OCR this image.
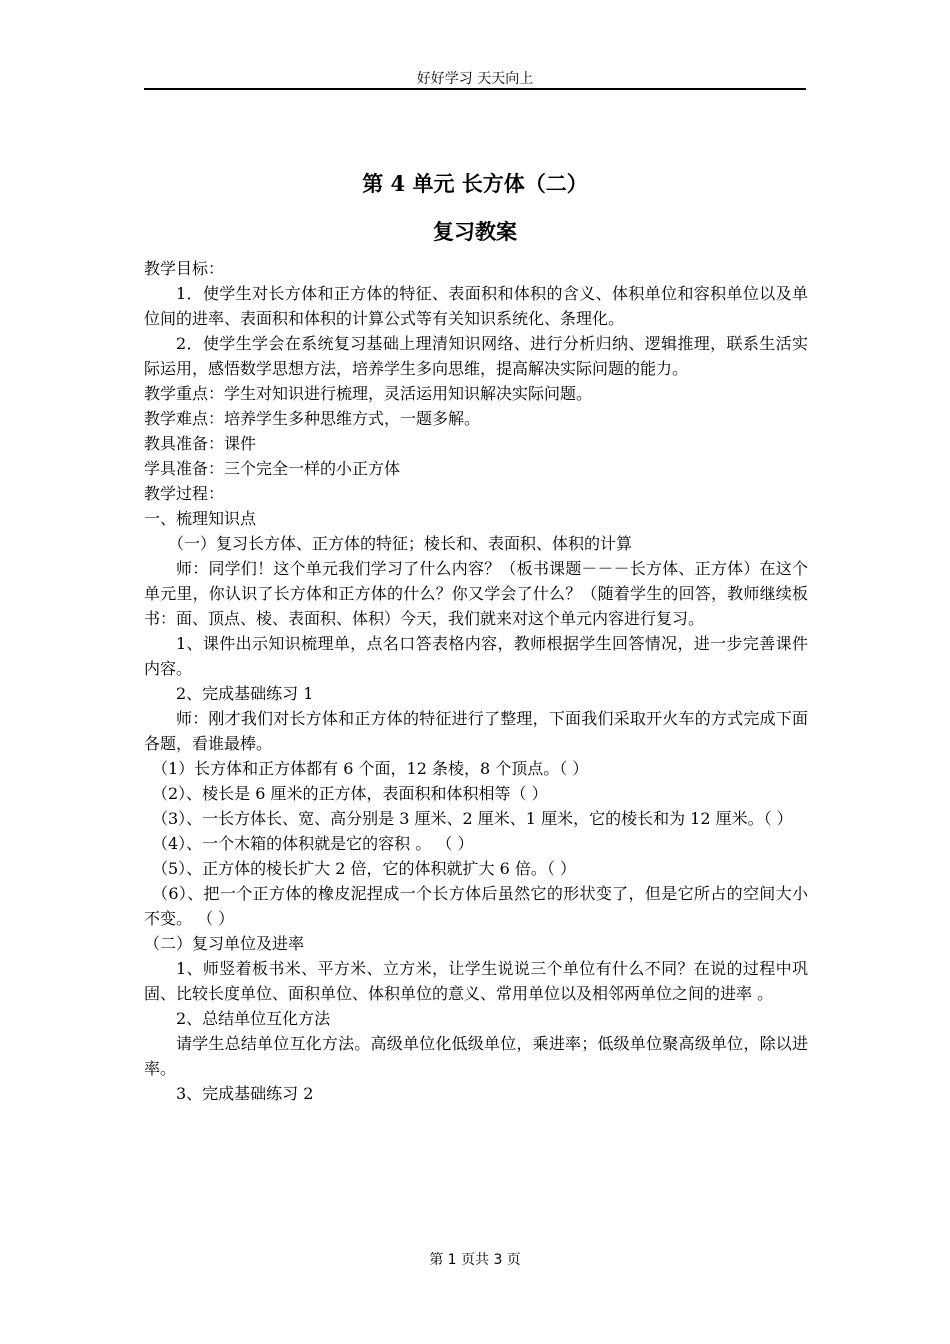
好好学习 天天向上
第 4 单元 长方体（二）
复习教案

教学目标：

1．使学生对长方体和正方体的特征、表面积和体积的含义、体积单位和容积单位以及单位间的进率、表面积和体积的计算公式等有关知识系统化、条理化。

2．使学生学会在系统复习基础上理清知识网络、进行分析归纳、逻辑推理，联系生活实际运用，感悟数学思想方法，培养学生多向思维，提高解决实际问题的能力。

教学重点：学生对知识进行梳理，灵活运用知识解决实际问题。

教学难点：培养学生多种思维方式，一题多解。

教具准备：课件

学具准备：三个完全一样的小正方体

教学过程：

一、梳理知识点

（一）复习长方体、正方体的特征；棱长和、表面积、体积的计算

师：同学们！这个单元我们学习了什么内容？（板书课题－－－长方体、正方体）在这个单元里，你认识了长方体和正方体的什么？你又学会了什么？（随着学生的回答，教师继续板书：面、顶点、棱、表面积、体积）今天，我们就来对这个单元内容进行复习。

1、课件出示知识梳理单，点名口答表格内容，教师根据学生回答情况，进一步完善课件内容。

2、完成基础练习 1

师：刚才我们对长方体和正方体的特征进行了整理，下面我们采取开火车的方式完成下面各题，看谁最棒。

（1）长方体和正方体都有 6 个面，12 条棱，8 个顶点。（ ）

（2）、棱长是 6 厘米的正方体，表面积和体积相等（ ）

（3）、一长方体长、宽、高分别是 3 厘米、2 厘米、1 厘米，它的棱长和为 12 厘米。（ ）

（4）、一个木箱的体积就是它的容积 。 （ ）

（5）、正方体的棱长扩大 2 倍，它的体积就扩大 6 倍。（ ）

（6）、把一个正方体的橡皮泥捏成一个长方体后虽然它的形状变了，但是它所占的空间大小不变。 （ ）

（二）复习单位及进率

1、师竖着板书米、平方米、立方米，让学生说说三个单位有什么不同？在说的过程中巩固、比较长度单位、面积单位、体积单位的意义、常用单位以及相邻两单位之间的进率 。

2、总结单位互化方法

请学生总结单位互化方法。高级单位化低级单位，乘进率；低级单位聚高级单位，除以进率。

3、完成基础练习 2

第 1 页共 3 页
